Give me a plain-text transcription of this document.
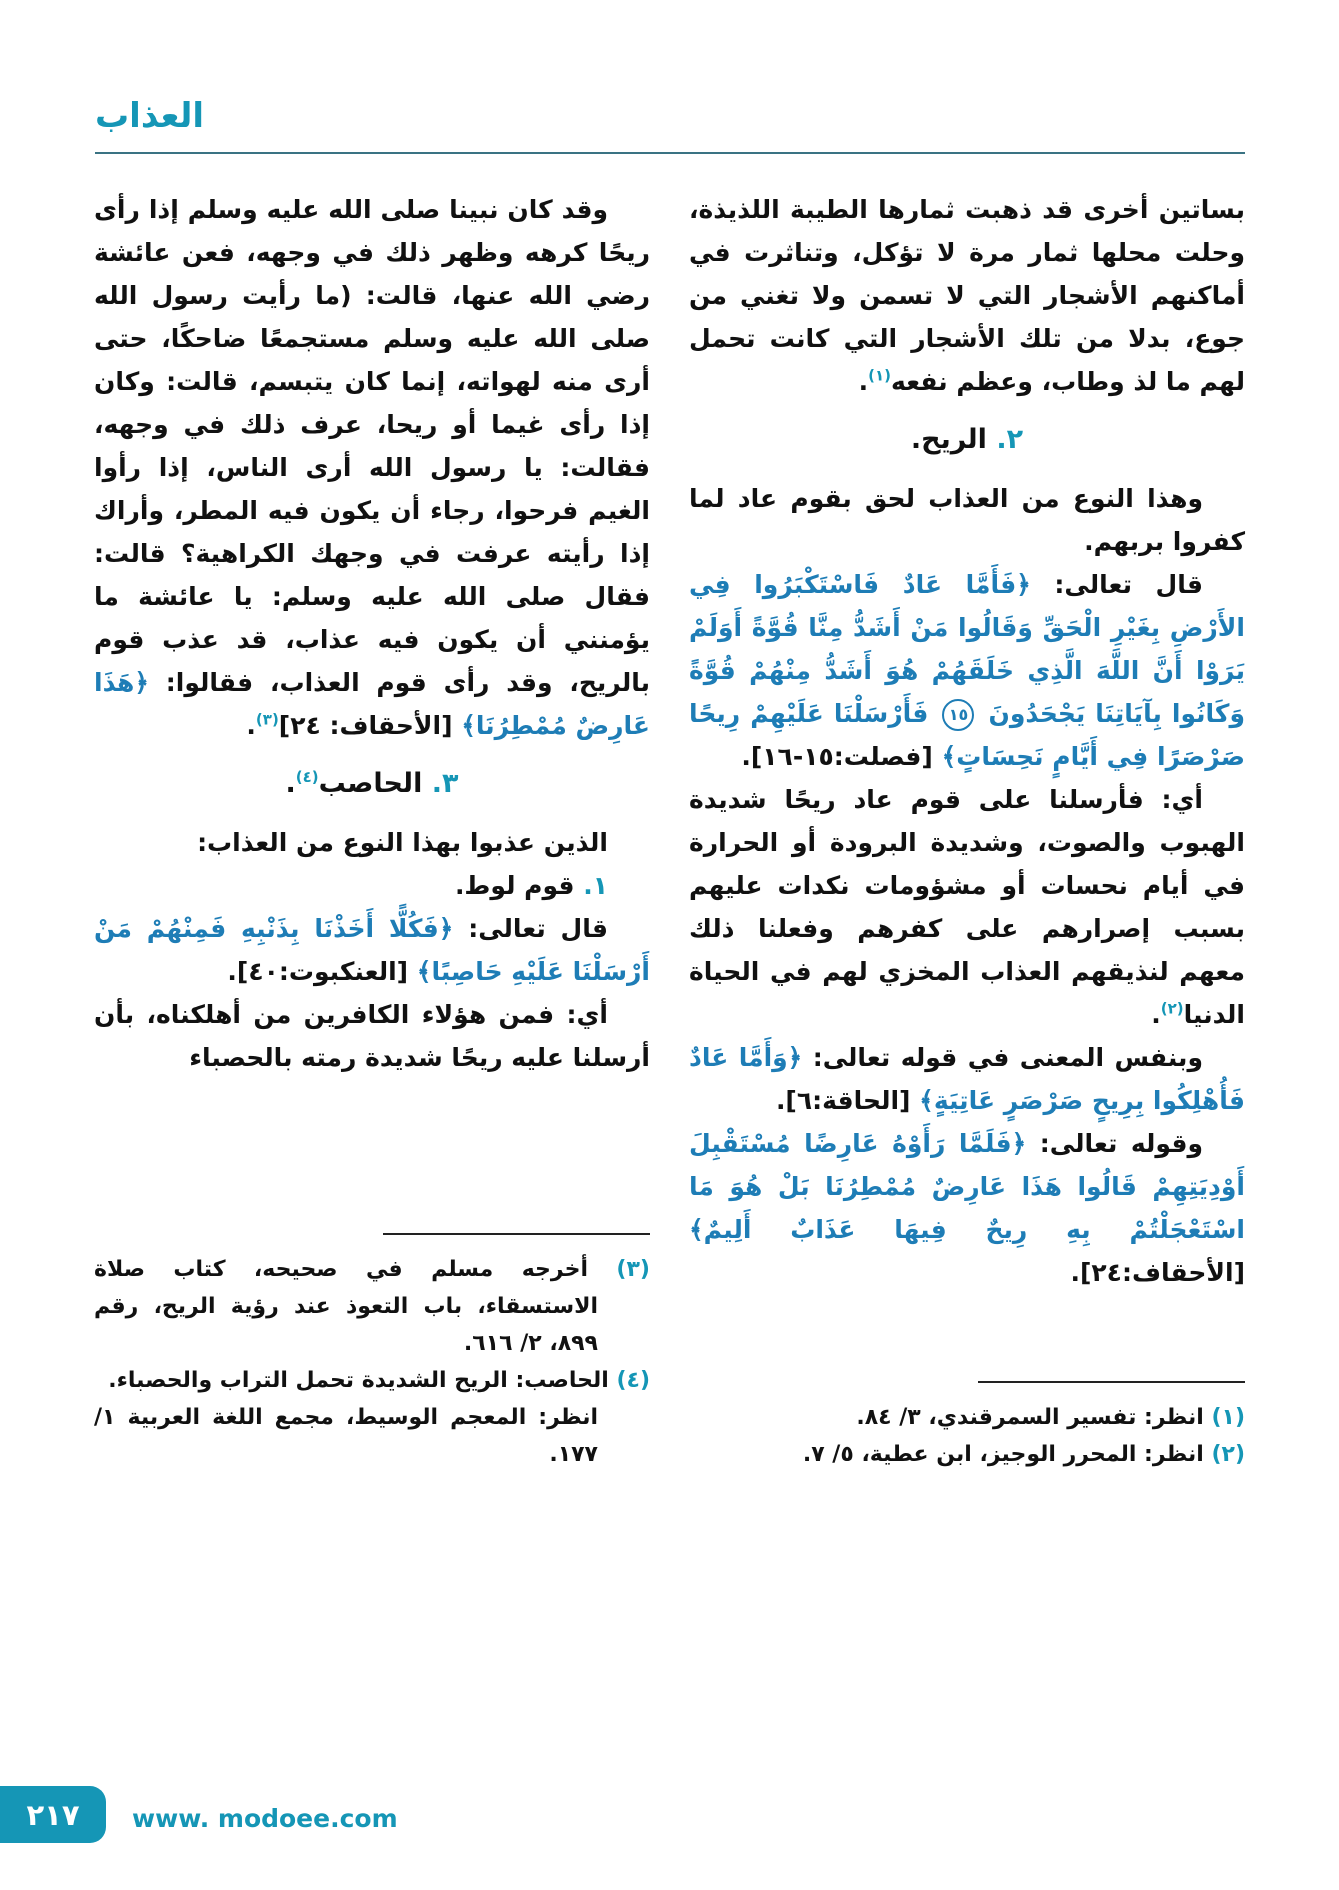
العذاب

بساتين أخرى قد ذهبت ثمارها الطيبة اللذيذة، وحلت محلها ثمار مرة لا تؤكل، وتناثرت في أماكنهم الأشجار التي لا تسمن ولا تغني من جوع، بدلا من تلك الأشجار التي كانت تحمل لهم ما لذ وطاب، وعظم نفعه$^{(١)}$.

٢. الريح.

وهذا النوع من العذاب لحق بقوم عاد لما كفروا بربهم.

قال تعالى: ﴿فَأَمَّا عَادٌ فَاسْتَكْبَرُوا فِي الأَرْضِ بِغَيْرِ الْحَقِّ وَقَالُوا مَنْ أَشَدُّ مِنَّا قُوَّةً أَوَلَمْ يَرَوْا أَنَّ اللَّهَ الَّذِي خَلَقَهُمْ هُوَ أَشَدُّ مِنْهُمْ قُوَّةً وَكَانُوا بِآيَاتِنَا يَجْحَدُونَ ١٥ فَأَرْسَلْنَا عَلَيْهِمْ رِيحًا صَرْصَرًا فِي أَيَّامٍ نَحِسَاتٍ﴾ [فصلت:١٥-١٦].

أي: فأرسلنا على قوم عاد ريحًا شديدة الهبوب والصوت، وشديدة البرودة أو الحرارة في أيام نحسات أو مشؤومات نكدات عليهم بسبب إصرارهم على كفرهم وفعلنا ذلك معهم لنذيقهم العذاب المخزي لهم في الحياة الدنيا$^{(٢)}$.

وبنفس المعنى في قوله تعالى: ﴿وَأَمَّا عَادٌ فَأُهْلِكُوا بِرِيحٍ صَرْصَرٍ عَاتِيَةٍ﴾ [الحاقة:٦].

وقوله تعالى: ﴿فَلَمَّا رَأَوْهُ عَارِضًا مُسْتَقْبِلَ أَوْدِيَتِهِمْ قَالُوا هَذَا عَارِضٌ مُمْطِرُنَا بَلْ هُوَ مَا اسْتَعْجَلْتُمْ بِهِ رِيحٌ فِيهَا عَذَابٌ أَلِيمٌ﴾ [الأحقاف:٢٤].

(١) انظر: تفسير السمرقندي، ٣/ ٨٤.

(٢) انظر: المحرر الوجيز، ابن عطية، ٥/ ٧.

وقد كان نبينا صلى الله عليه وسلم إذا رأى ريحًا كرهه وظهر ذلك في وجهه، فعن عائشة رضي الله عنها، قالت: (ما رأيت رسول الله صلى الله عليه وسلم مستجمعًا ضاحكًا، حتى أرى منه لهواته، إنما كان يتبسم، قالت: وكان إذا رأى غيما أو ريحا، عرف ذلك في وجهه، فقالت: يا رسول الله أرى الناس، إذا رأوا الغيم فرحوا، رجاء أن يكون فيه المطر، وأراك إذا رأيته عرفت في وجهك الكراهية؟ قالت: فقال صلى الله عليه وسلم: يا عائشة ما يؤمنني أن يكون فيه عذاب، قد عذب قوم بالريح، وقد رأى قوم العذاب، فقالوا: ﴿هَذَا عَارِضٌ مُمْطِرُنَا﴾ [الأحقاف: ٢٤]$^{(٣)}$.

٣. الحاصب$^{(٤)}$.

الذين عذبوا بهذا النوع من العذاب:

١. قوم لوط.

قال تعالى: ﴿فَكُلًّا أَخَذْنَا بِذَنْبِهِ فَمِنْهُمْ مَنْ أَرْسَلْنَا عَلَيْهِ حَاصِبًا﴾ [العنكبوت:٤٠].

أي: فمن هؤلاء الكافرين من أهلكناه، بأن أرسلنا عليه ريحًا شديدة رمته بالحصباء

(٣) أخرجه مسلم في صحيحه، كتاب صلاة الاستسقاء، باب التعوذ عند رؤية الريح، رقم ٨٩٩، ٢/ ٦١٦.

(٤) الحاصب: الريح الشديدة تحمل التراب والحصباء.

انظر: المعجم الوسيط، مجمع اللغة العربية ١/ ١٧٧.

٢١٧ www. modoee.com
